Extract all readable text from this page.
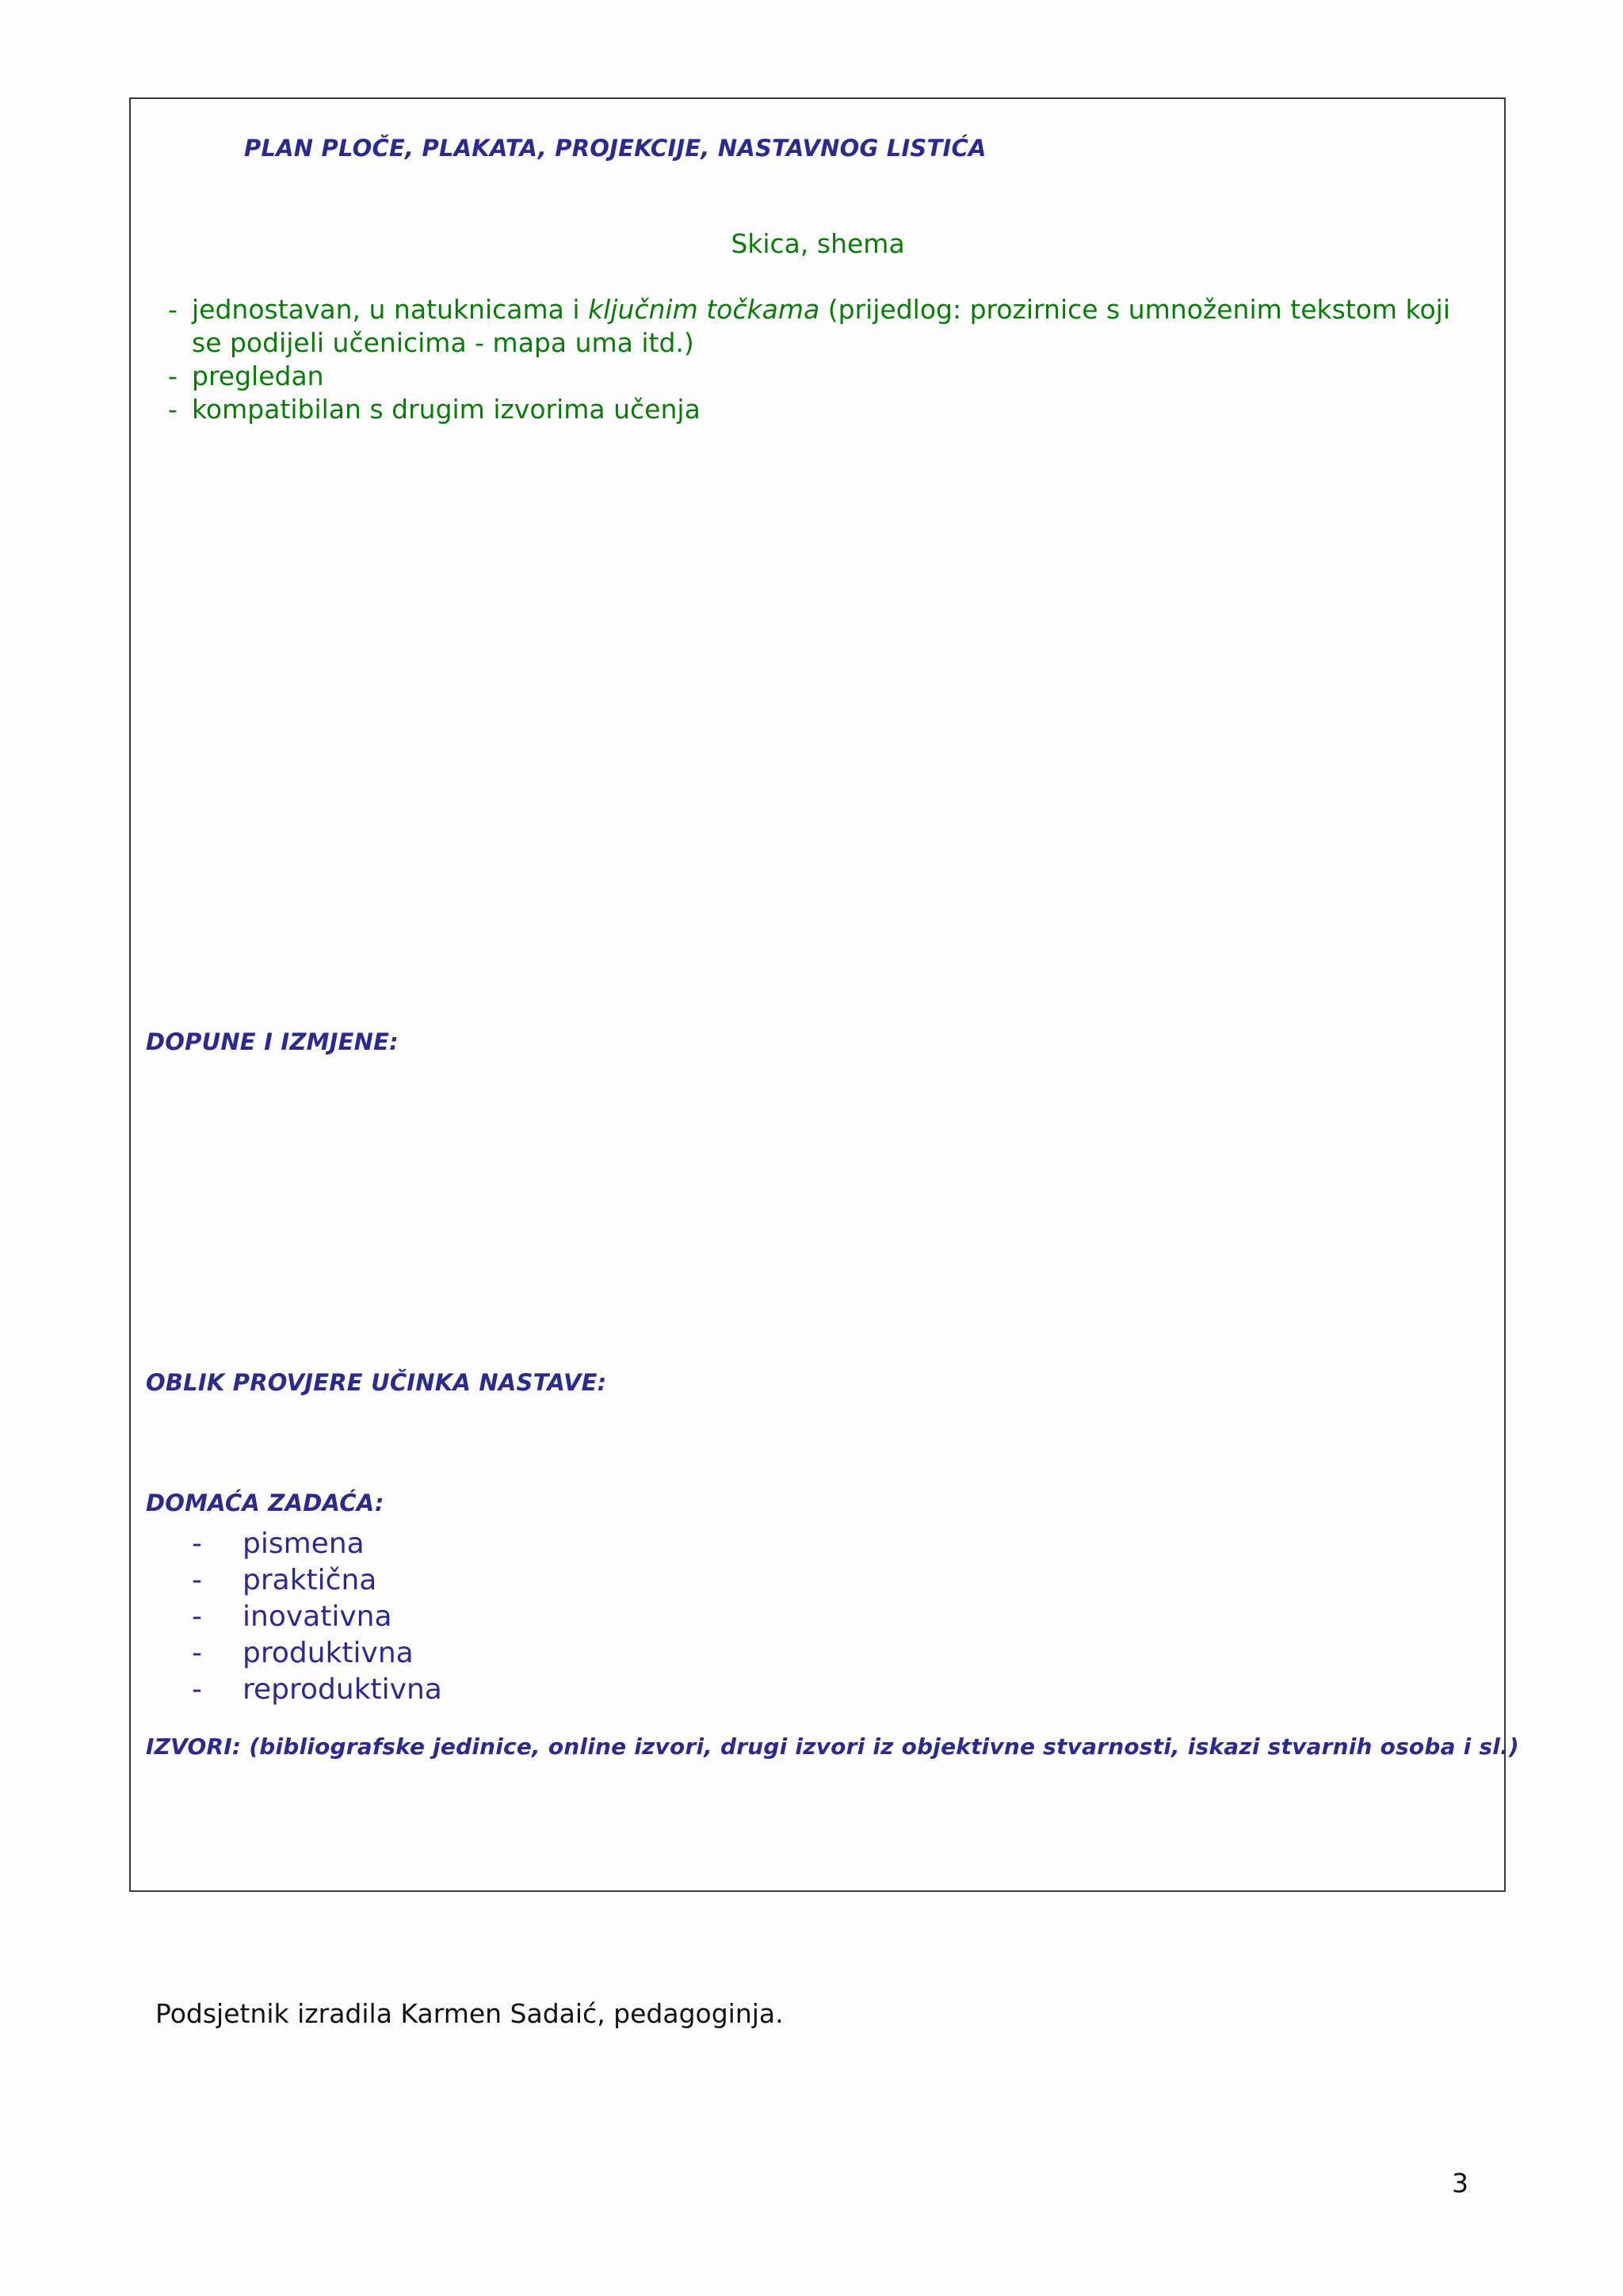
PLAN PLOČE, PLAKATA, PROJEKCIJE, NASTAVNOG LISTIĆA
Skica, shema
- jednostavan, u natuknicama i ključnim točkama (prijedlog: prozirnice s umnoženim tekstom koji se podijeli učenicima - mapa uma itd.)
- pregledan
- kompatibilan s drugim izvorima učenja
DOPUNE I IZMJENE:
OBLIK PROVJERE UČINKA NASTAVE:
DOMAĆA ZADAĆA:
- pismena
- praktična
- inovativna
- produktivna
- reproduktivna
IZVORI: (bibliografske jedinice, online izvori, drugi izvori iz objektivne stvarnosti, iskazi stvarnih osoba i sl.)
Podsjetnik izradila Karmen Sadaić, pedagoginja.
3
